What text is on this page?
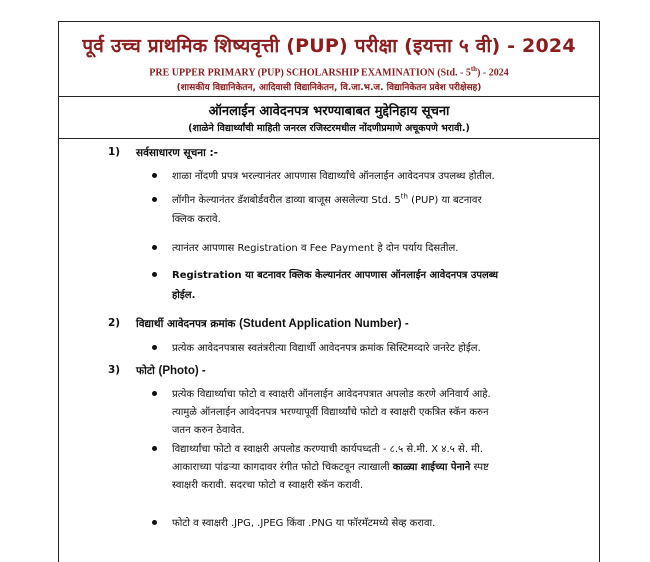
पूर्व उच्च प्राथमिक शिष्यवृत्ती (PUP) परीक्षा (इयत्ता ५ वी) - 2024
PRE UPPER PRIMARY (PUP) SCHOLARSHIP EXAMINATION (Std. - 5th) - 2024
(शासकीय विद्यानिकेतन, आदिवासी विद्यानिकेतन, वि.जा.भ.ज. विद्यानिकेतन प्रवेश परीक्षेसह)
ऑनलाईन आवेदनपत्र भरण्याबाबत मुद्देनिहाय सूचना
(शाळेने विद्यार्थ्यांची माहिती जनरल रजिस्टरमधील नोंदणीप्रमाणे अचूकपणे भरावी.)
1) सर्वसाधारण सूचना :-
शाळा नोंदणी प्रपत्र भरल्यानंतर आपणास विद्यार्थ्यांचे ऑनलाईन आवेदनपत्र उपलब्ध होतील.
लॉगीन केल्यानंतर डॅशबोर्डवरील डाव्या बाजूस असलेल्या Std. 5th (PUP) या बटनावर
क्लिक करावे.
त्यानंतर आपणास Registration व Fee Payment हे दोन पर्याय दिसतील.
Registration या बटनावर क्लिक केल्यानंतर आपणास ऑनलाईन आवेदनपत्र उपलब्ध
होईल.
2) विद्यार्थी आवेदनपत्र क्रमांक (Student Application Number) -
प्रत्येक आवेदनपत्रास स्वतंत्ररीत्या विद्यार्थी आवेदनपत्र क्रमांक सिस्टिमव्दारे जनरेट होईल.
3) फोटो (Photo) -
प्रत्येक विद्यार्थ्याचा फोटो व स्वाक्षरी ऑनलाईन आवेदनपत्रात अपलोड करणे अनिवार्य आहे.
त्यामुळे ऑनलाईन आवेदनपत्र भरण्यापूर्वी विद्यार्थ्यांचे फोटो व स्वाक्षरी एकत्रित स्कॅन करुन
जतन करुन ठेवावेत.
विद्यार्थ्यांचा फोटो व स्वाक्षरी अपलोड करण्याची कार्यपध्दती - ८.५ से.मी. X ४.५ से. मी.
आकाराच्या पांढऱ्या कागदावर रंगीत फोटो चिकटवून त्याखाली काळ्या शाईच्या पेनाने स्पष्ट
स्वाक्षरी करावी. सदरचा फोटो व स्वाक्षरी स्कॅन करावी.
फोटो व स्वाक्षरी .JPG, .JPEG किंवा .PNG या फॉरमॅटमध्ये सेव्ह करावा.
